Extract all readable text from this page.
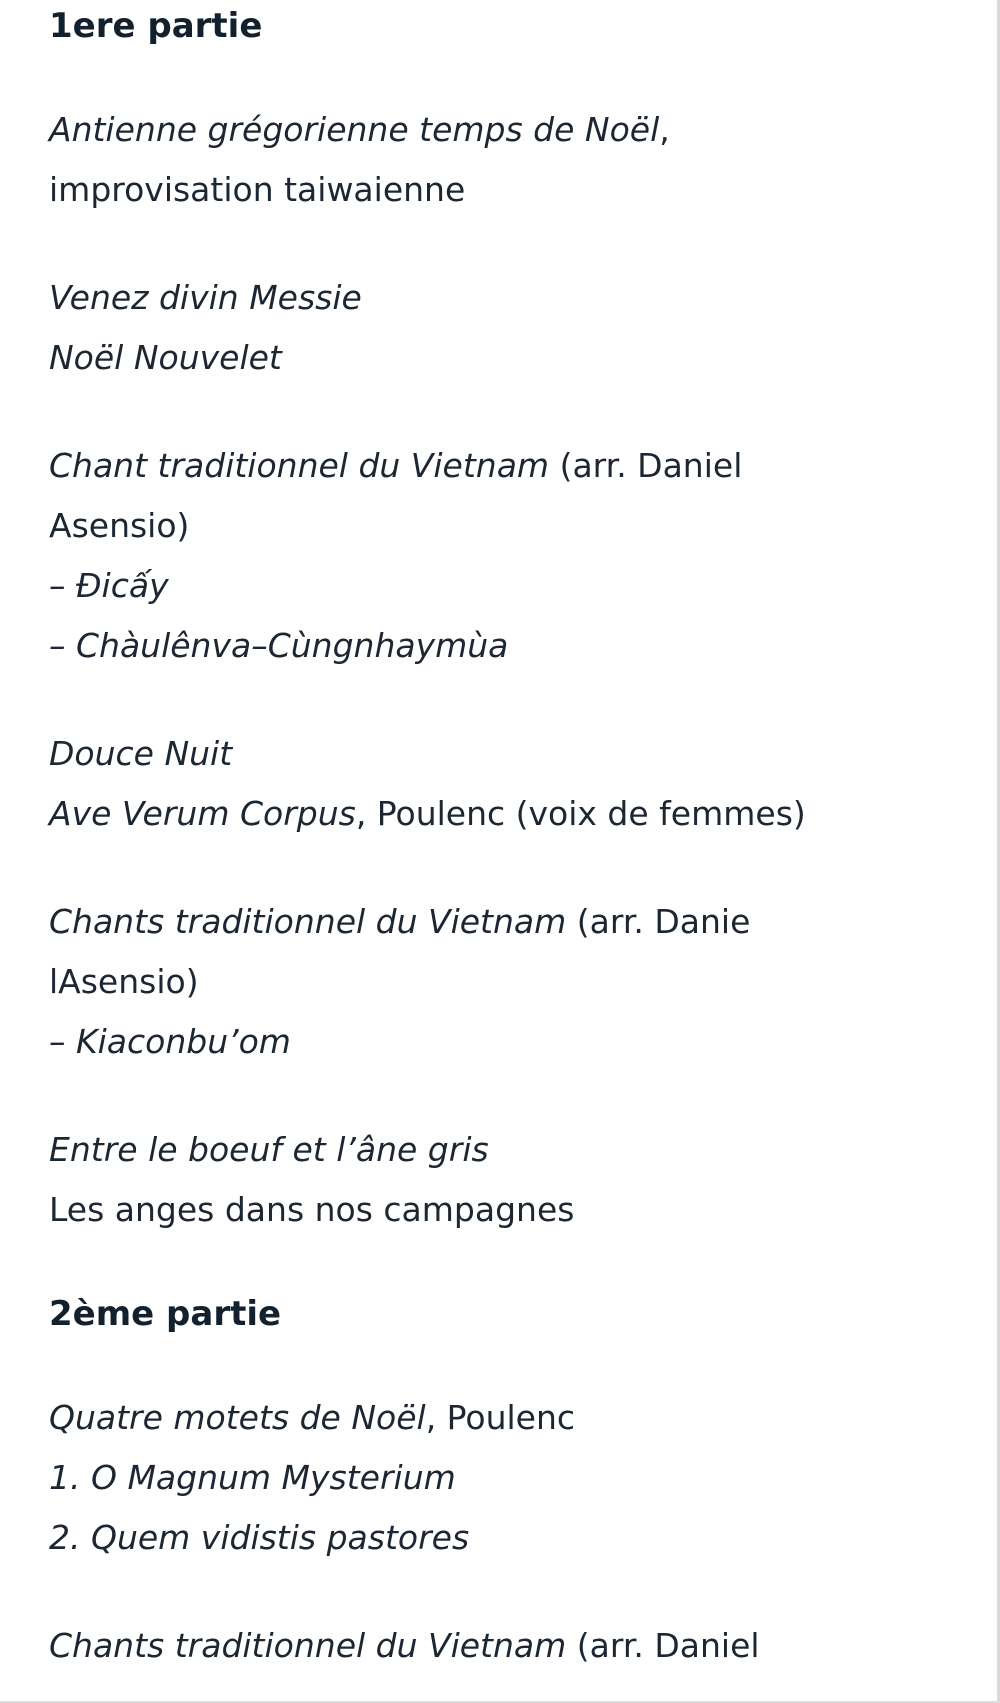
1ere partie

Antienne grégorienne temps de Noël,

improvisation taiwaienne

Venez divin Messie

Noël Nouvelet

Chant traditionnel du Vietnam (arr. Daniel

Asensio)

– Đicấy

– Chàulênva–Cùngnhaymùa

Douce Nuit

Ave Verum Corpus, Poulenc (voix de femmes)

Chants traditionnel du Vietnam (arr. Danie

lAsensio)

– Kiaconbu’om

Entre le boeuf et l’âne gris

Les anges dans nos campagnes

2ème partie

Quatre motets de Noël, Poulenc

1. O Magnum Mysterium

2. Quem vidistis pastores

Chants traditionnel du Vietnam (arr. Daniel
